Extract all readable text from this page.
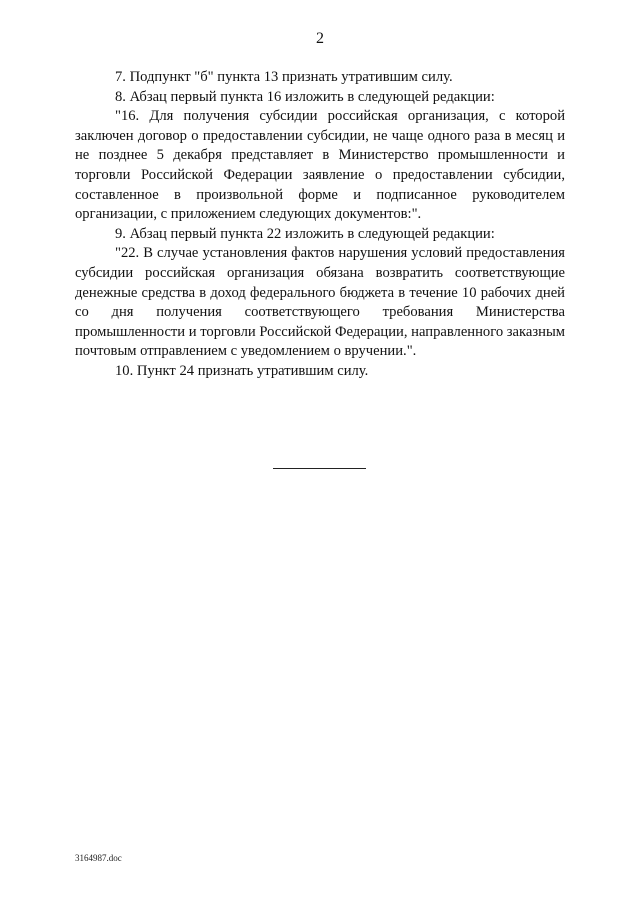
2

7. Подпункт "б" пункта 13 признать утратившим силу.

8. Абзац первый пункта 16 изложить в следующей редакции:

"16. Для получения субсидии российская организация, с которой заключен договор о предоставлении субсидии, не чаще одного раза в месяц и не позднее 5 декабря представляет в Министерство промышленности и торговли Российской Федерации заявление о предоставлении субсидии, составленное в произвольной форме и подписанное руководителем организации, с приложением следующих документов:".

9. Абзац первый пункта 22 изложить в следующей редакции:

"22. В случае установления фактов нарушения условий предоставления субсидии российская организация обязана возвратить соответствующие денежные средства в доход федерального бюджета в течение 10 рабочих дней со дня получения соответствующего требования Министерства промышленности и торговли Российской Федерации, направленного заказным почтовым отправлением с уведомлением о вручении.".

10. Пункт 24 признать утратившим силу.

3164987.doc
